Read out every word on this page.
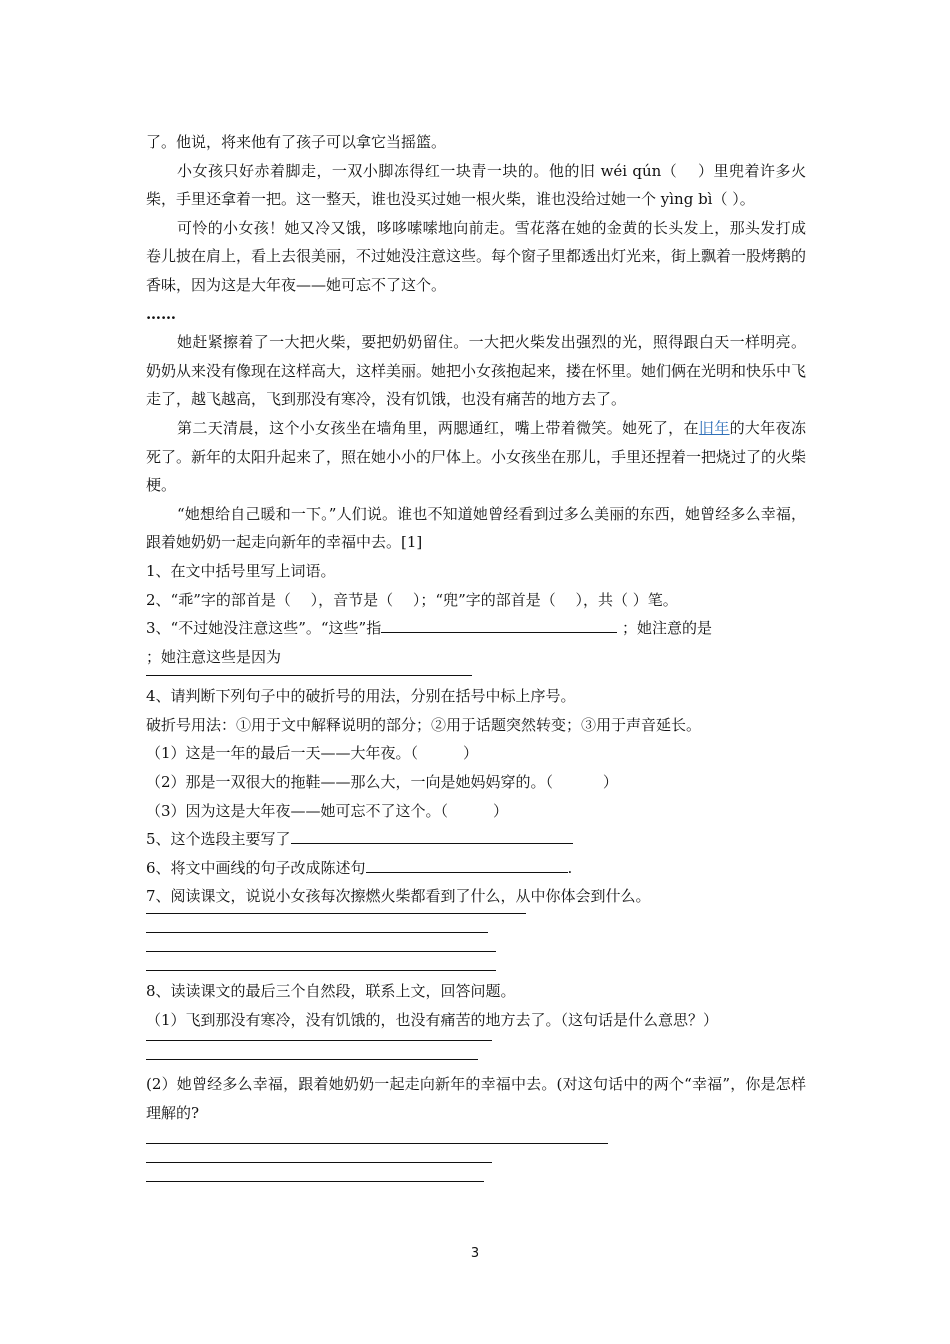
了。他说，将来他有了孩子可以拿它当摇篮。

小女孩只好赤着脚走，一双小脚冻得红一块青一块的。他的旧 wéi qún（　 ）里兜着许多火柴，手里还拿着一把。这一整天，谁也没买过她一根火柴，谁也没给过她一个 yìng bì（ ）。

可怜的小女孩！她又冷又饿，哆哆嗦嗦地向前走。雪花落在她的金黄的长头发上，那头发打成卷儿披在肩上，看上去很美丽，不过她没注意这些。每个窗子里都透出灯光来，街上飘着一股烤鹅的香味，因为这是大年夜——她可忘不了这个。

……

她赶紧擦着了一大把火柴，要把奶奶留住。一大把火柴发出强烈的光，照得跟白天一样明亮。奶奶从来没有像现在这样高大，这样美丽。她把小女孩抱起来，搂在怀里。她们俩在光明和快乐中飞走了，越飞越高，飞到那没有寒冷，没有饥饿，也没有痛苦的地方去了。

第二天清晨，这个小女孩坐在墙角里，两腮通红，嘴上带着微笑。她死了，在旧年的大年夜冻死了。新年的太阳升起来了，照在她小小的尸体上。小女孩坐在那儿，手里还捏着一把烧过了的火柴梗。

“她想给自己暖和一下。”人们说。谁也不知道她曾经看到过多么美丽的东西，她曾经多么幸福，跟着她奶奶一起走向新年的幸福中去。[1]

1、在文中括号里写上词语。

2、“乖”字的部首是（　 ），音节是（　 ）；“兜”字的部首是（　 ），共（ ）笔。

3、“不过她没注意这些”。“这些”指	；她注意的是

；她注意这些是因为

4、请判断下列句子中的破折号的用法，分别在括号中标上序号。

破折号用法：①用于文中解释说明的部分；②用于话题突然转变；③用于声音延长。

（1）这是一年的最后一天——大年夜。（　　　）

（2）那是一双很大的拖鞋——那么大，一向是她妈妈穿的。（　　　 ）

（3）因为这是大年夜——她可忘不了这个。（　　　）

5、这个选段主要写了

6、将文中画线的句子改成陈述句	.

7、阅读课文，说说小女孩每次擦燃火柴都看到了什么，从中你体会到什么。

8、读读课文的最后三个自然段，联系上文，回答问题。

（1）飞到那没有寒冷，没有饥饿的，也没有痛苦的地方去了。（这句话是什么意思？）

(2）她曾经多么幸福，跟着她奶奶一起走向新年的幸福中去。(对这句话中的两个“幸福”，你是怎样理解的?

3
